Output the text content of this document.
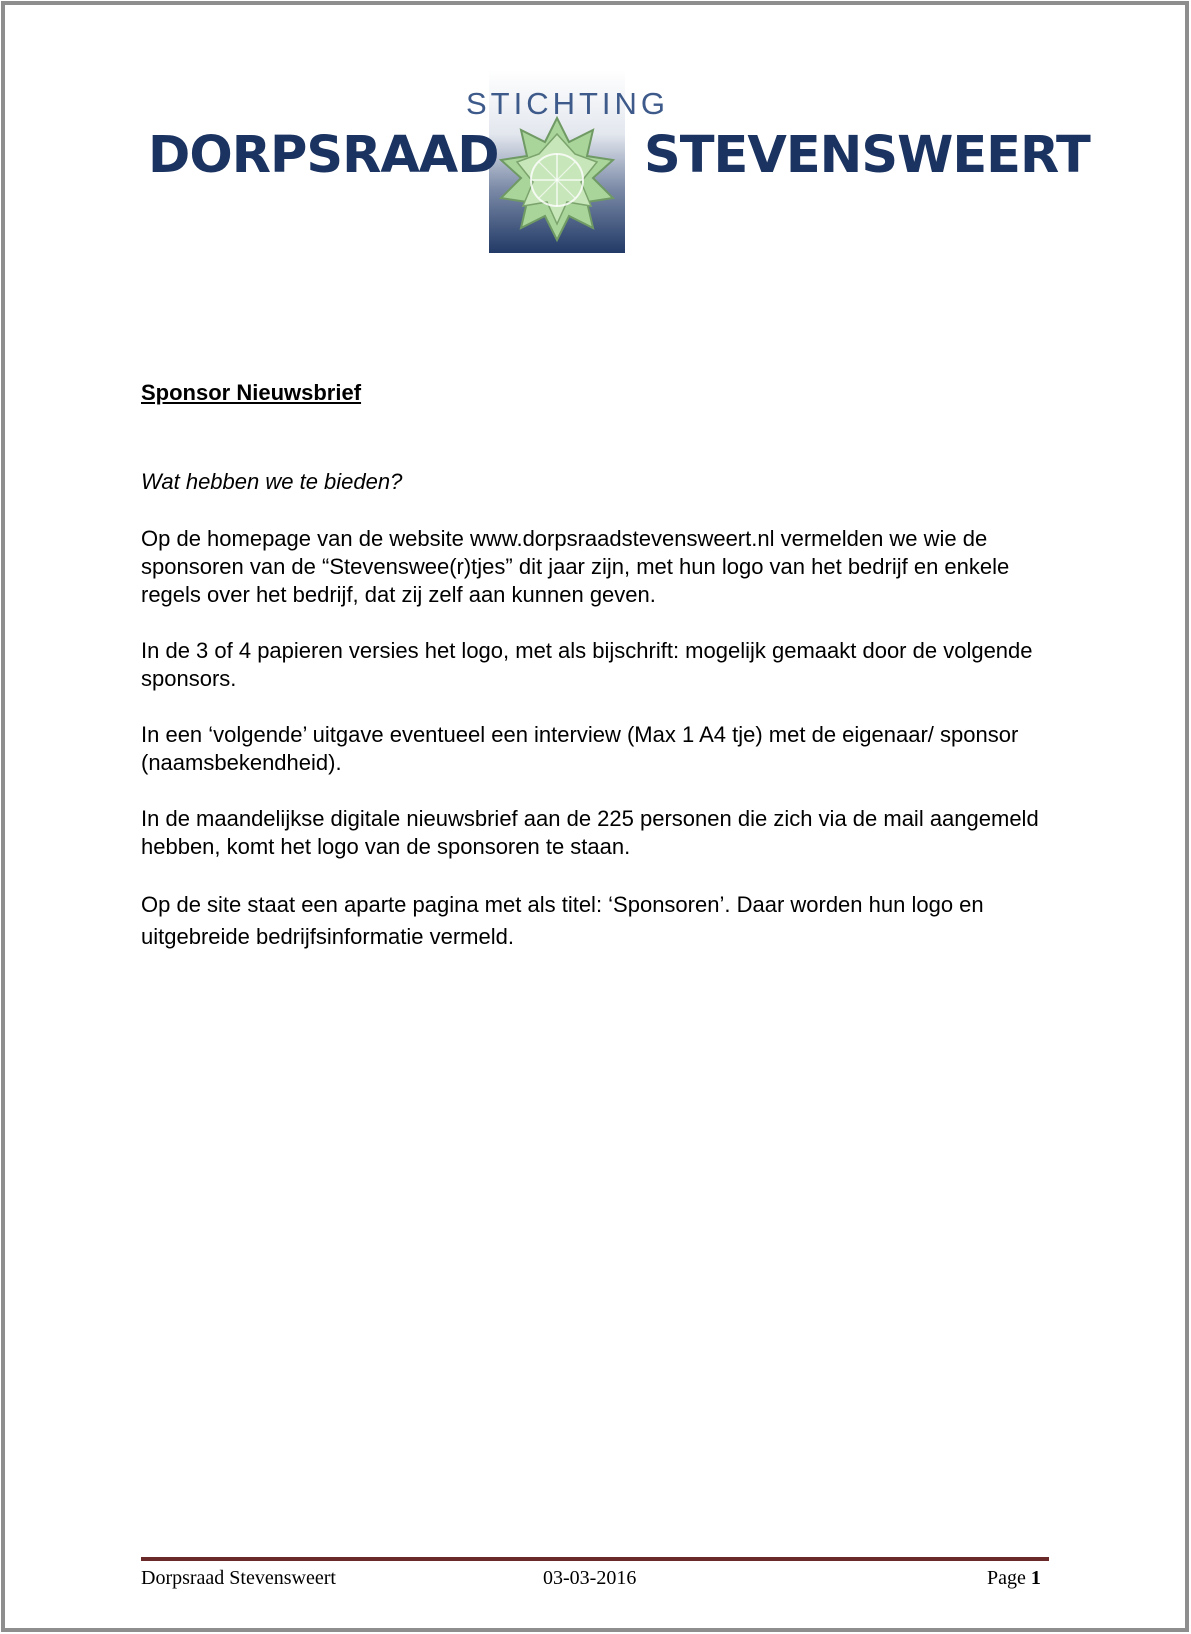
STICHTING
DORPSRAAD	STEVENSWEERT
Sponsor Nieuwsbrief
Wat hebben we te bieden?

Op de homepage van de website www.dorpsraadstevensweert.nl vermelden we wie de sponsoren van de “Stevenswee(r)tjes” dit jaar zijn, met hun logo van het bedrijf en enkele regels over het bedrijf, dat zij zelf aan kunnen geven.

In de 3 of 4 papieren versies het logo, met als bijschrift: mogelijk gemaakt door de volgende sponsors.

In een ‘volgende’ uitgave eventueel een interview (Max 1 A4 tje) met de eigenaar/ sponsor (naamsbekendheid).

In de maandelijkse digitale nieuwsbrief aan de 225 personen die zich via de mail aangemeld hebben, komt het logo van de sponsoren te staan.

Op de site staat een aparte pagina met als titel: ‘Sponsoren’. Daar worden hun logo en uitgebreide bedrijfsinformatie vermeld.

Dorpsraad Stevensweert	03-03-2016	Page 1
